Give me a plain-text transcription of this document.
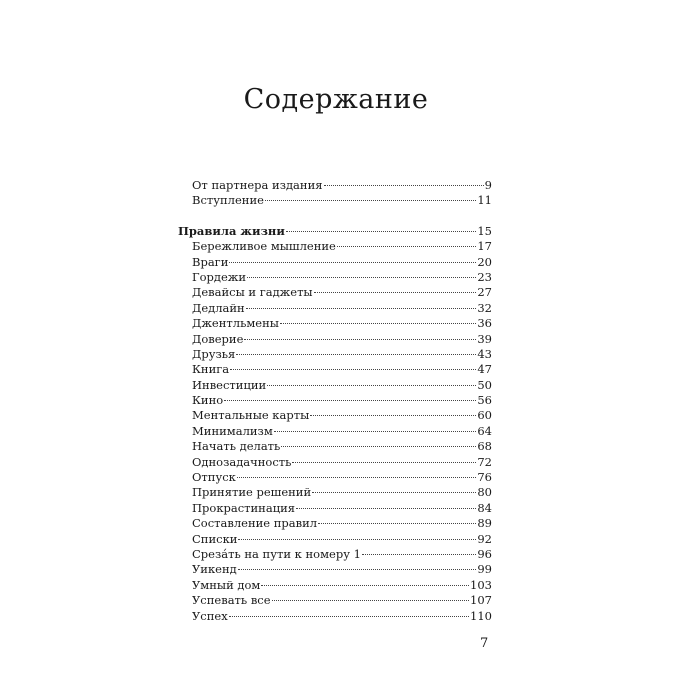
Содержание
От партнера издания	9
Вступление	11
Правила жизни	15
Бережливое мышление	17
Враги	20
Гордежи	23
Девайсы и гаджеты	27
Дедлайн	32
Джентльмены	36
Доверие	39
Друзья	43
Книга	47
Инвестиции	50
Кино	56
Ментальные карты	60
Минимализм	64
Начать делать	68
Однозадачность	72
Отпуск	76
Принятие решений	80
Прокрастинация	84
Составление правил	89
Списки	92
Срезáть на пути к номеру 1	96
Уикенд	99
Умный дом	103
Успевать все	107
Успех	110
7
